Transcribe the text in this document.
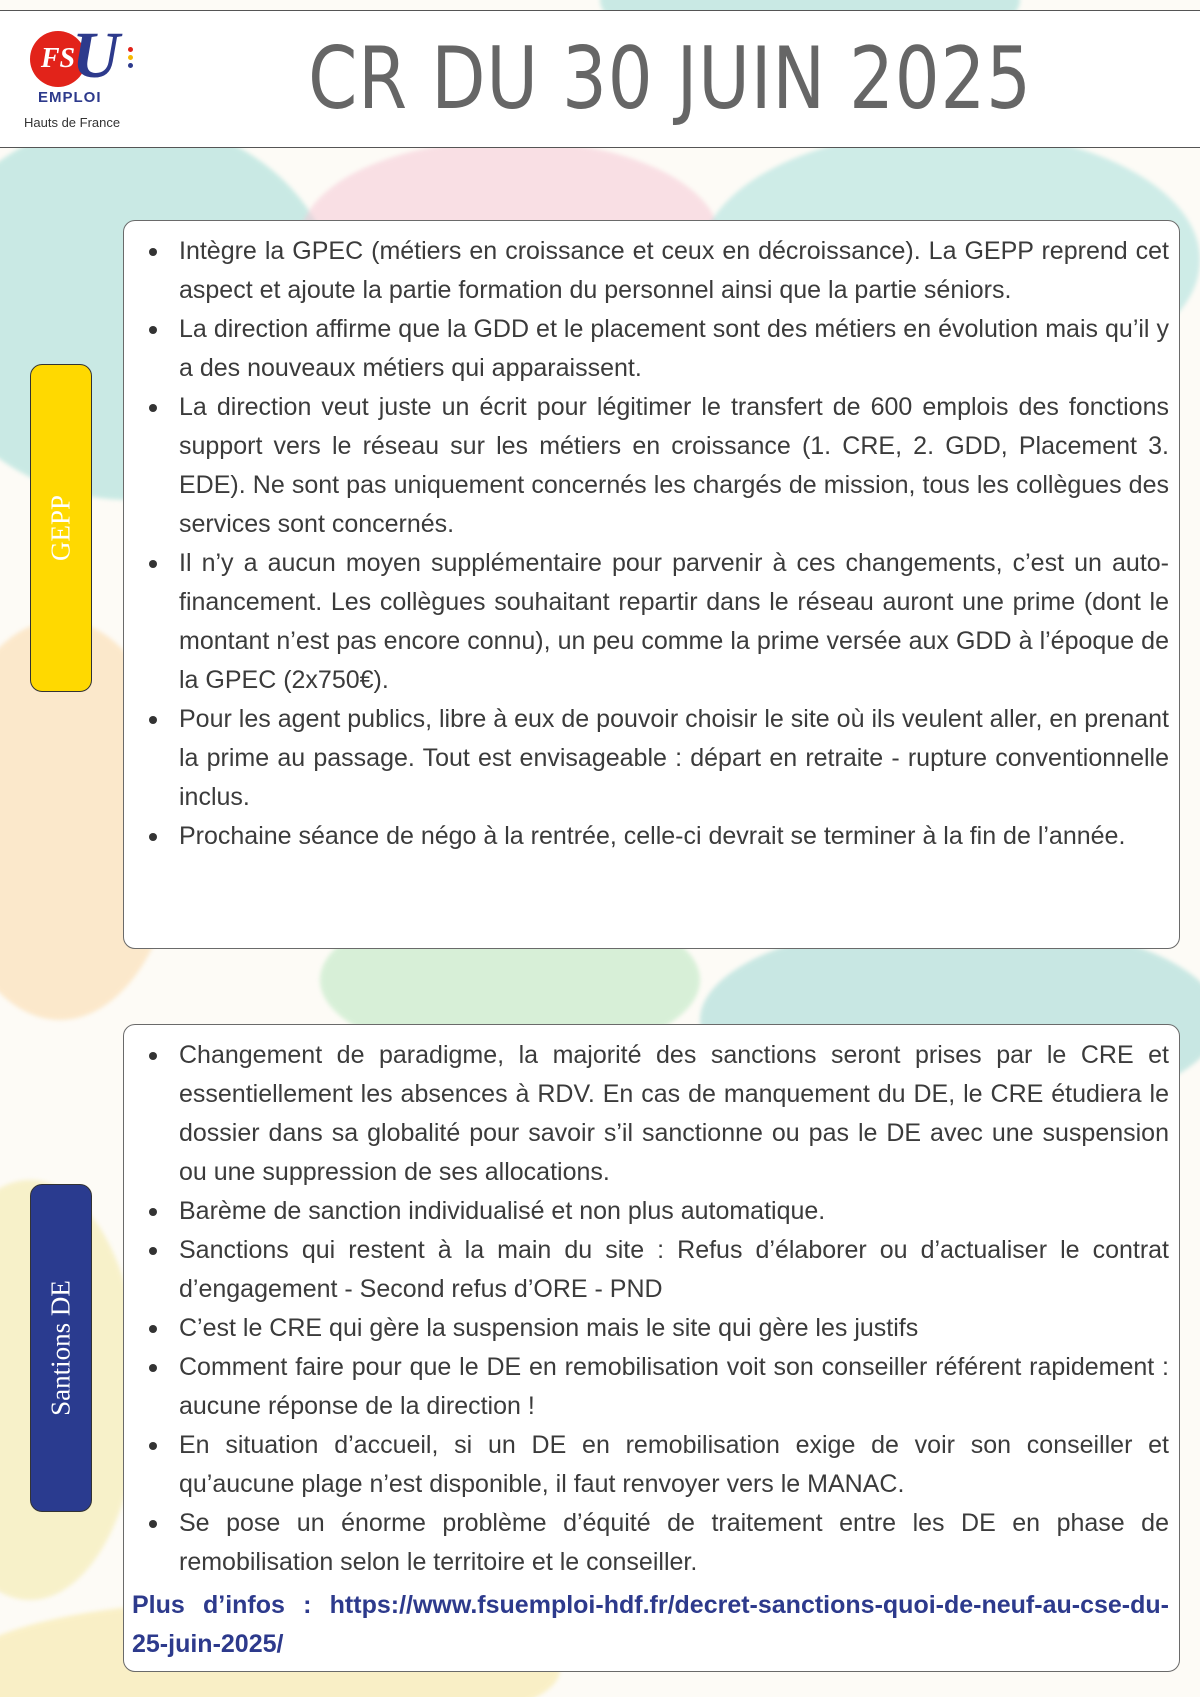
FS
U
EMPLOI
Hauts de France	CR DU 30 JUIN 2025
GEPP
Intègre la GPEC (métiers en croissance et ceux en décroissance). La GEPP reprend cet aspect et ajoute la partie formation du personnel ainsi que la partie séniors.
La direction affirme que la GDD et le placement sont des métiers en évolution mais qu’il y a des nouveaux métiers qui apparaissent.
La direction veut juste un écrit pour légitimer le transfert de 600 emplois des fonctions support vers le réseau sur les métiers en croissance (1. CRE, 2. GDD, Placement 3. EDE). Ne sont pas uniquement concernés les chargés de mission, tous les collègues des services sont concernés.
Il n’y a aucun moyen supplémentaire pour parvenir à ces changements, c’est un auto-financement. Les collègues souhaitant repartir dans le réseau auront une prime (dont le montant n’est pas encore connu), un peu comme la prime versée aux GDD à l’époque de la GPEC (2x750€).
Pour les agent publics, libre à eux de pouvoir choisir le site où ils veulent aller, en prenant la prime au passage. Tout est envisageable : départ en retraite - rupture conventionnelle inclus.
Prochaine séance de négo à la rentrée, celle-ci devrait se terminer à la fin de l’année.
Santions DE
Changement de paradigme, la majorité des sanctions seront prises par le CRE et essentiellement les absences à RDV. En cas de manquement du DE, le CRE étudiera le dossier dans sa globalité pour savoir s’il sanctionne ou pas le DE avec une suspension ou une suppression de ses allocations.
Barème de sanction individualisé et non plus automatique.
Sanctions qui restent à la main du site : Refus d’élaborer ou d’actualiser le contrat d’engagement - Second refus d’ORE - PND
C’est le CRE qui gère la suspension mais le site qui gère les justifs
Comment faire pour que le DE en remobilisation voit son conseiller référent rapidement : aucune réponse de la direction !
En situation d’accueil, si un DE en remobilisation exige de voir son conseiller et qu’aucune plage n’est disponible, il faut renvoyer vers le MANAC.
Se pose un énorme problème d’équité de traitement entre les DE en phase de remobilisation selon le territoire et le conseiller.
Plus d’infos : https://www.fsuemploi-hdf.fr/decret-sanctions-quoi-de-neuf-au-cse-du-25-juin-2025/
